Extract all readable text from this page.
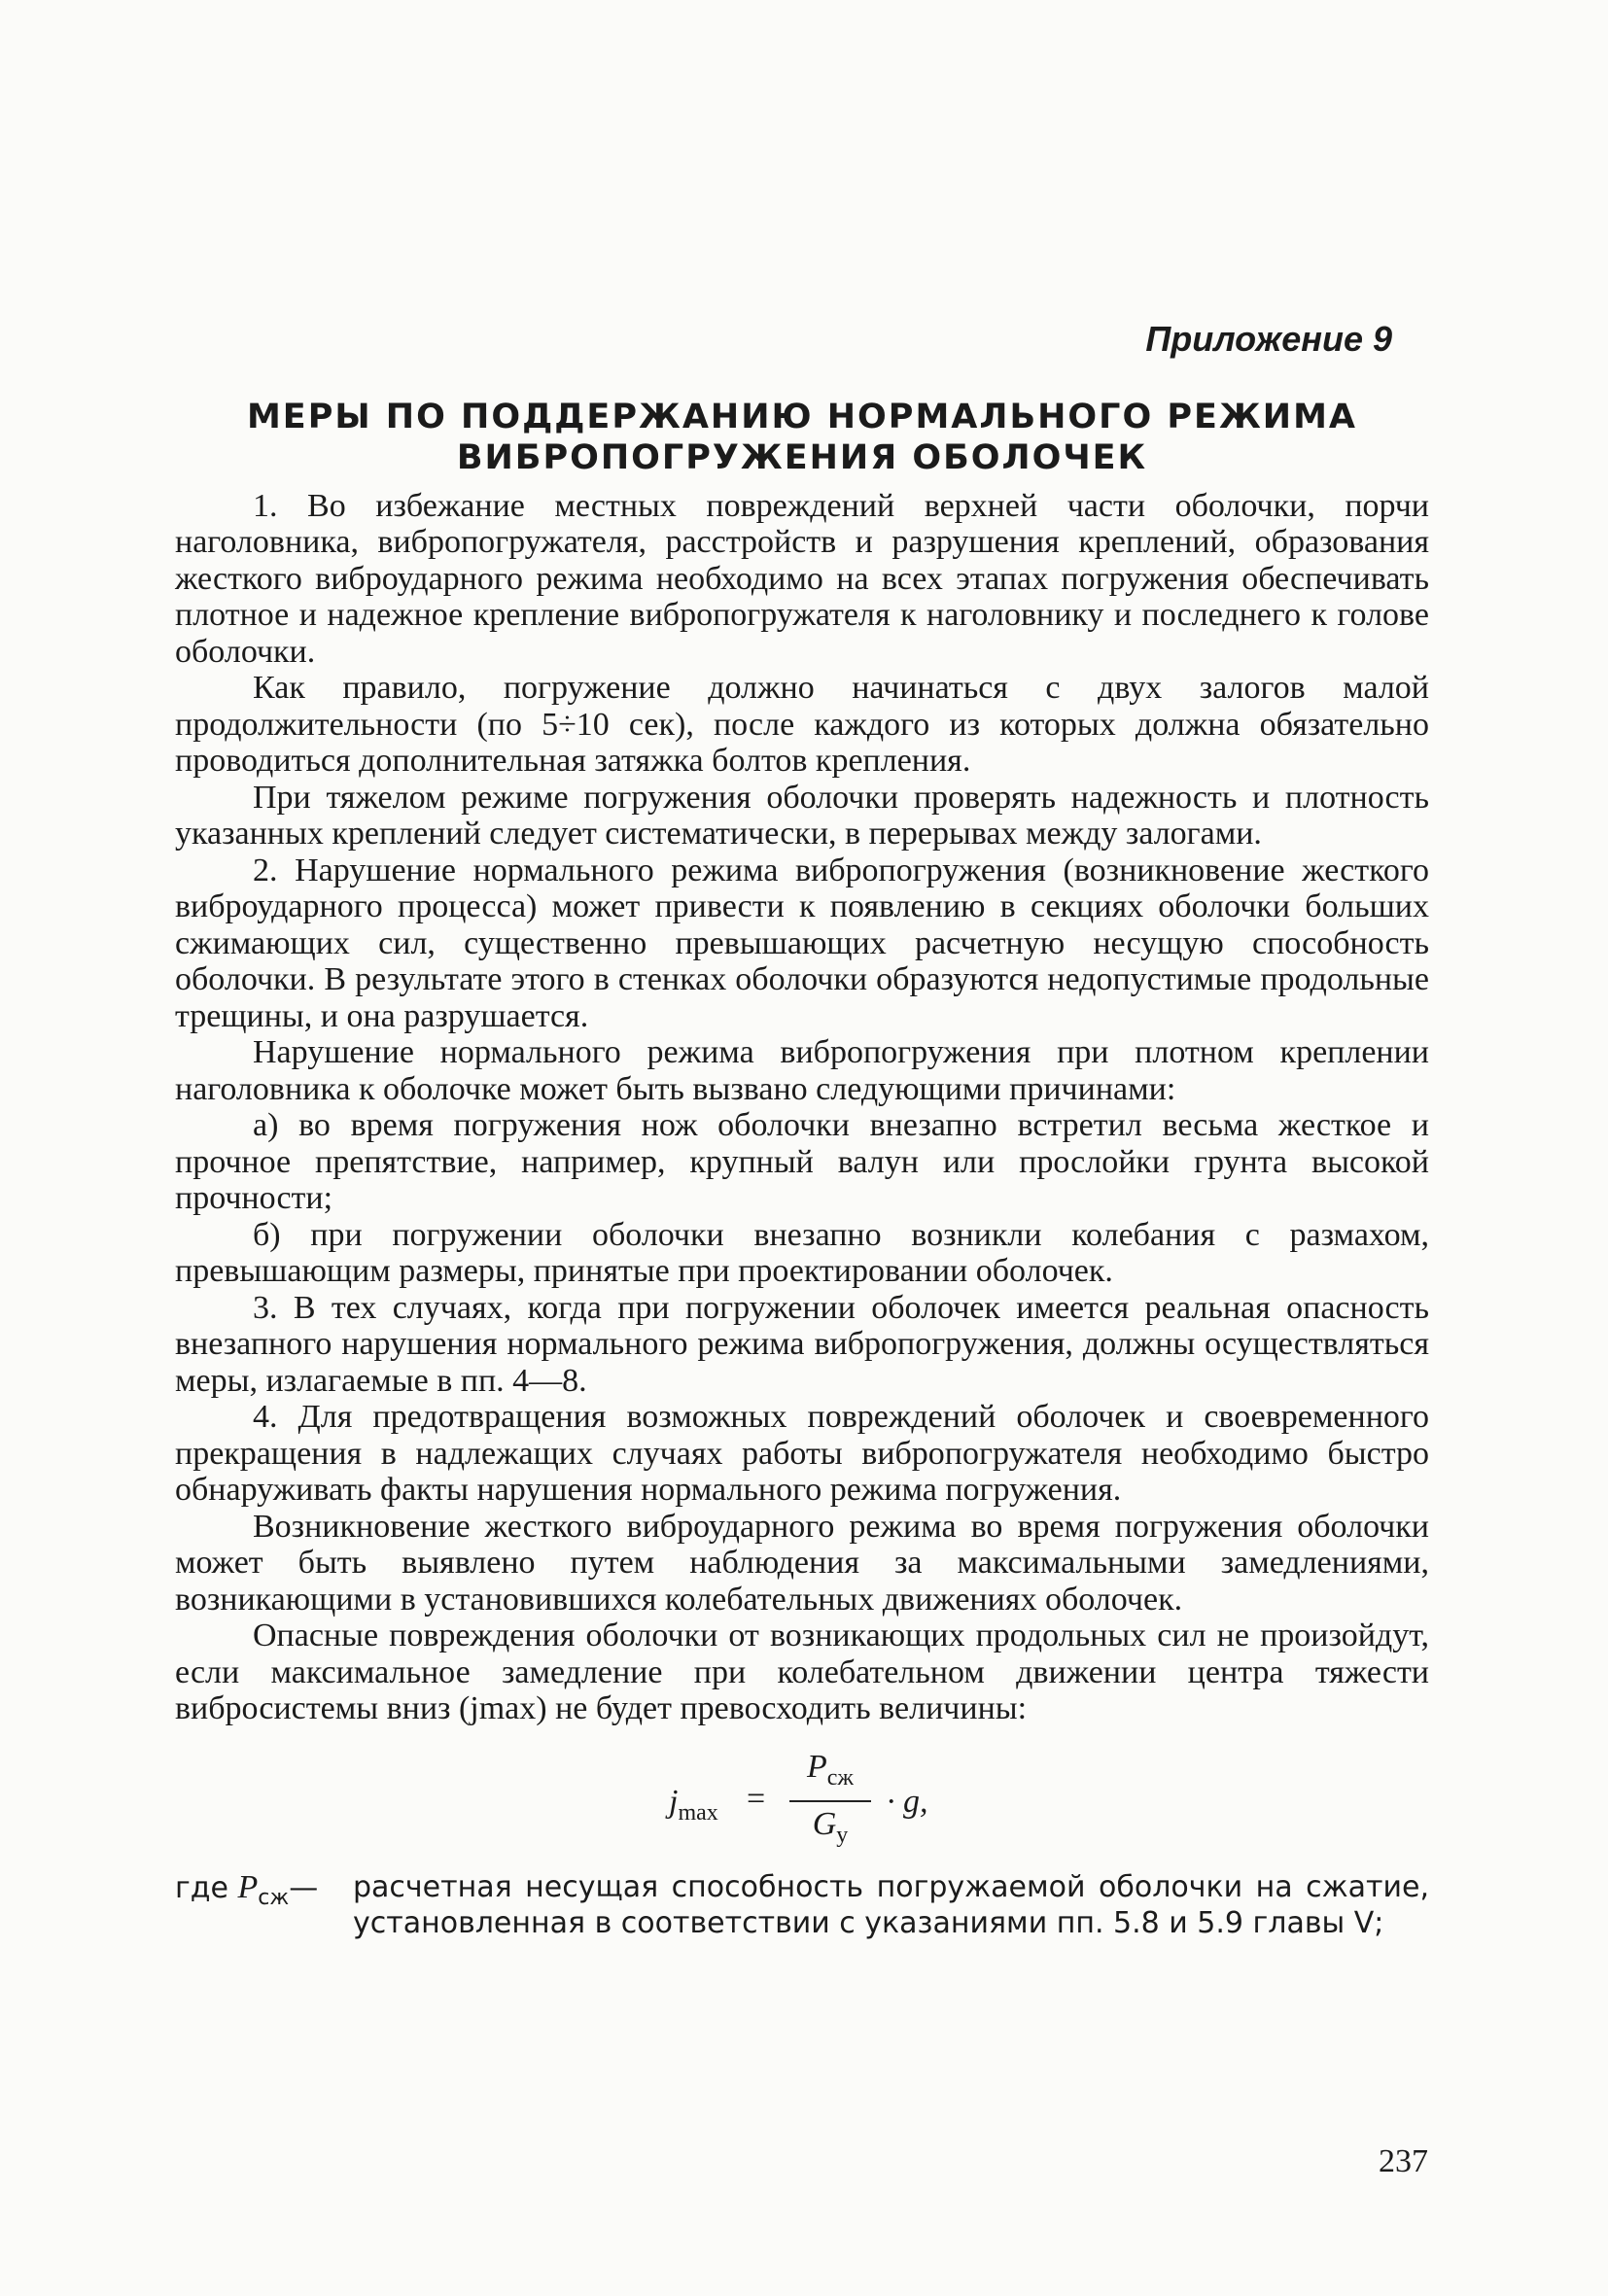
Приложение 9
МЕРЫ ПО ПОДДЕРЖАНИЮ НОРМАЛЬНОГО РЕЖИМА
ВИБРОПОГРУЖЕНИЯ ОБОЛОЧЕК

1. Во избежание местных повреждений верхней части оболочки, порчи наголовника, вибропогружателя, расстройств и разрушения креплений, образования жесткого виброударного режима необходимо на всех этапах погружения обеспечивать плотное и надежное крепление вибропогружателя к наголовнику и последнего к голове оболочки.

Как правило, погружение должно начинаться с двух залогов малой продолжительности (по 5÷10 сек), после каждого из которых должна обязательно проводиться дополнительная затяжка болтов крепления.

При тяжелом режиме погружения оболочки проверять надежность и плотность указанных креплений следует систематически, в перерывах между залогами.

2. Нарушение нормального режима вибропогружения (возникновение жесткого виброударного процесса) может привести к появлению в секциях оболочки больших сжимающих сил, существенно превышающих расчетную несущую способность оболочки. В результате этого в стенках оболочки образуются недопустимые продольные трещины, и она разрушается.

Нарушение нормального режима вибропогружения при плотном креплении наголовника к оболочке может быть вызвано следующими причинами:

а) во время погружения нож оболочки внезапно встретил весьма жесткое и прочное препятствие, например, крупный валун или прослойки грунта высокой прочности;

б) при погружении оболочки внезапно возникли колебания с размахом, превышающим размеры, принятые при проектировании оболочек.

3. В тех случаях, когда при погружении оболочек имеется реальная опасность внезапного нарушения нормального режима вибропогружения, должны осуществляться меры, излагаемые в пп. 4—8.

4. Для предотвращения возможных повреждений оболочек и своевременного прекращения в надлежащих случаях работы вибропогружателя необходимо быстро обнаруживать факты нарушения нормального режима погружения.

Возникновение жесткого виброударного режима во время погружения оболочки может быть выявлено путем наблюдения за максимальными замедлениями, возникающими в установившихся колебательных движениях оболочек.

Опасные повреждения оболочки от возникающих продольных сил не произойдут, если максимальное замедление при колебательном движении центра тяжести вибросистемы вниз (jmax) не будет превосходить величины:

$j_{max}$ =
$P_{сж}$
$G_у$
· g,
где $P_{сж}—$	расчетная несущая способность погружаемой оболочки на сжатие, установленная в соответствии с указаниями пп. 5.8 и 5.9 главы V;
237
